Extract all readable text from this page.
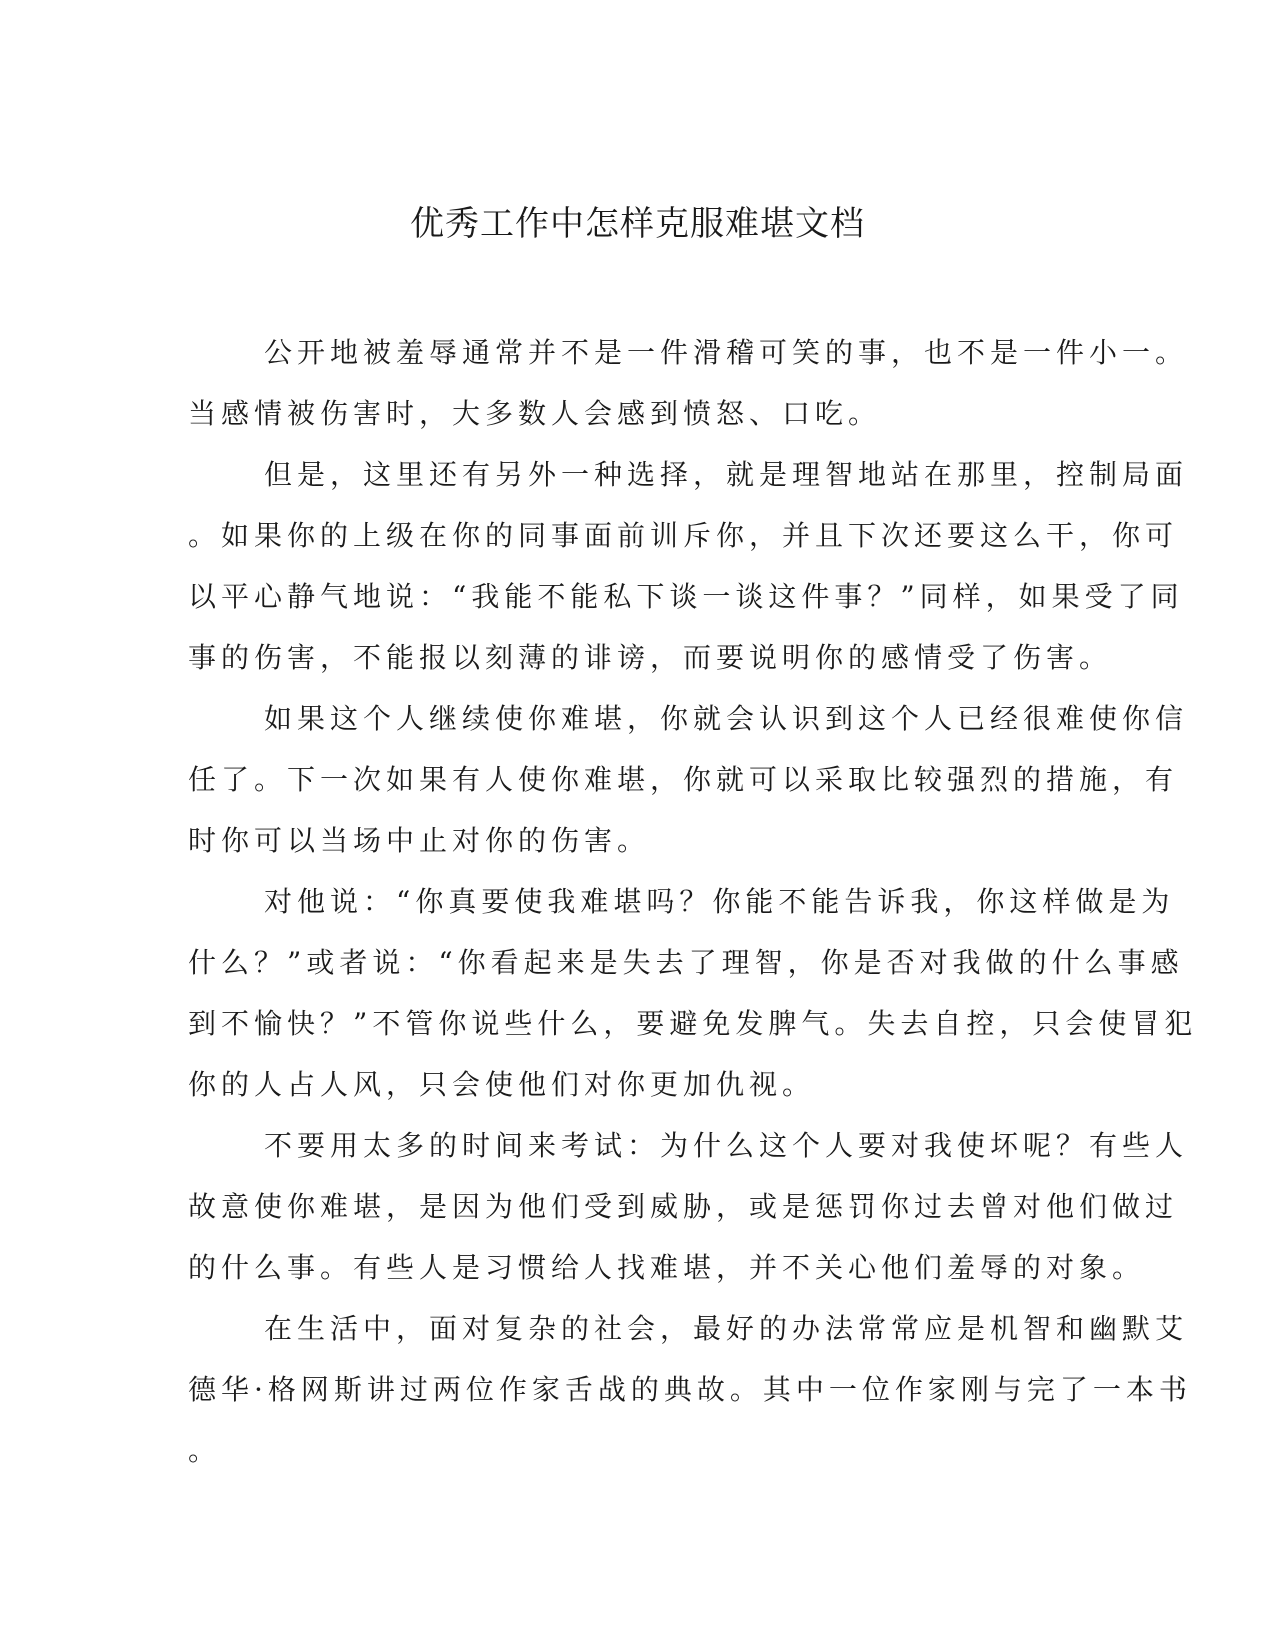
优秀工作中怎样克服难堪文档
公开地被羞辱通常并不是一件滑稽可笑的事，也不是一件小一。
当感情被伤害时，大多数人会感到愤怒、口吃。
但是，这里还有另外一种选择，就是理智地站在那里，控制局面
。如果你的上级在你的同事面前训斥你，并且下次还要这么干，你可
以平心静气地说：“我能不能私下谈一谈这件事？”同样，如果受了同
事的伤害，不能报以刻薄的诽谤，而要说明你的感情受了伤害。
如果这个人继续使你难堪，你就会认识到这个人已经很难使你信
任了。下一次如果有人使你难堪，你就可以采取比较强烈的措施，有
时你可以当场中止对你的伤害。
对他说：“你真要使我难堪吗？你能不能告诉我，你这样做是为
什么？”或者说：“你看起来是失去了理智，你是否对我做的什么事感
到不愉快？”不管你说些什么，要避免发脾气。失去自控，只会使冒犯
你的人占人风，只会使他们对你更加仇视。
不要用太多的时间来考试：为什么这个人要对我使坏呢？有些人
故意使你难堪，是因为他们受到威胁，或是惩罚你过去曾对他们做过
的什么事。有些人是习惯给人找难堪，并不关心他们羞辱的对象。
在生活中，面对复杂的社会，最好的办法常常应是机智和幽默艾
德华·格网斯讲过两位作家舌战的典故。其中一位作家刚与完了一本书
。
